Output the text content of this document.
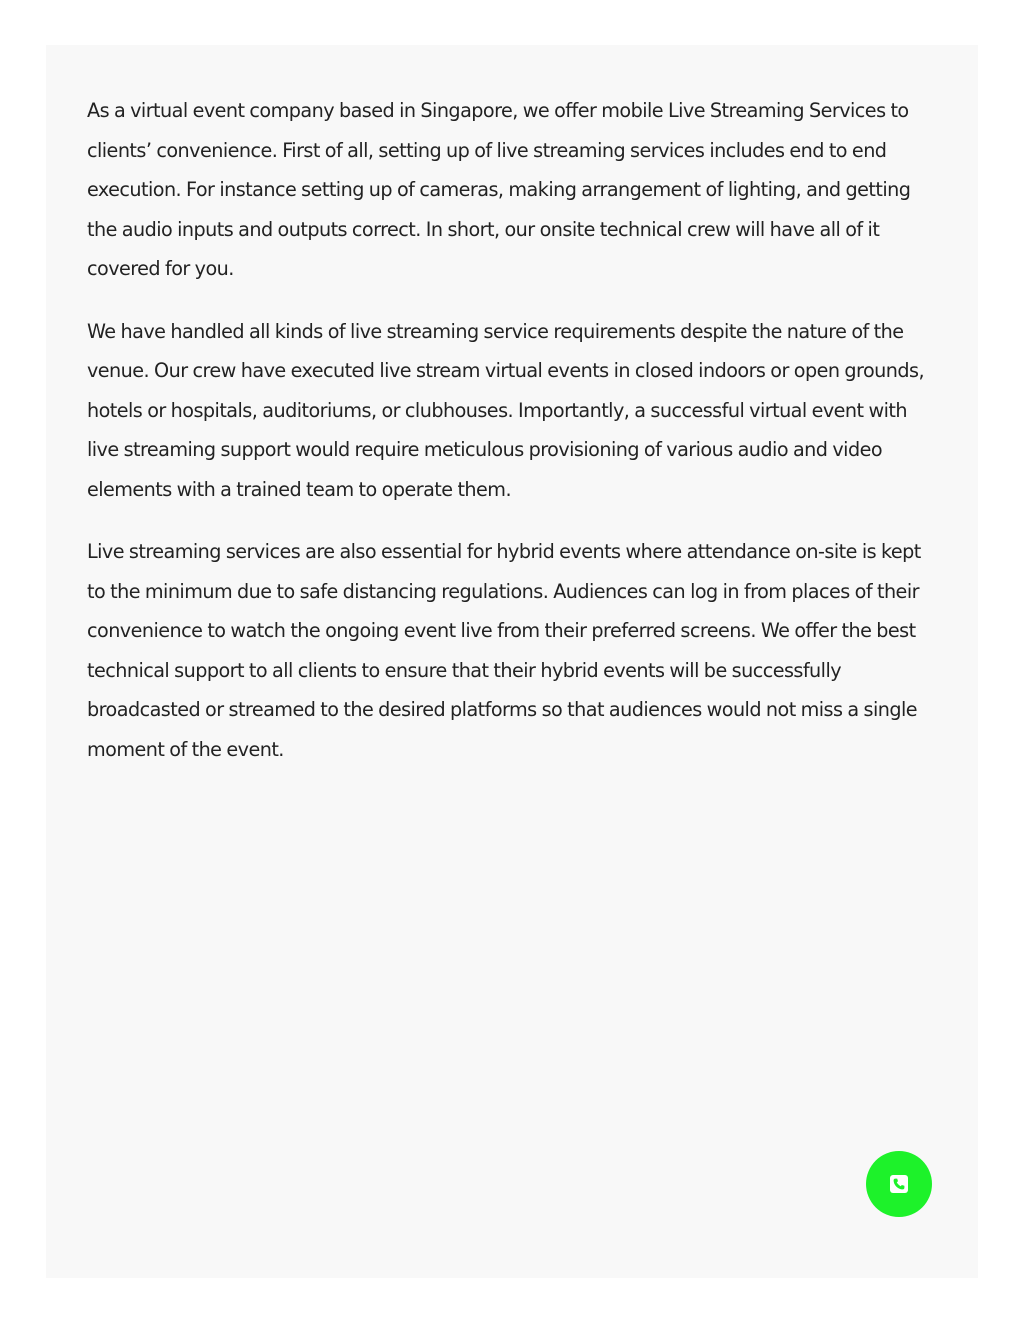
As a virtual event company based in Singapore, we offer mobile Live Streaming Services to clients’ convenience. First of all, setting up of live streaming services includes end to end execution. For instance setting up of cameras, making arrangement of lighting, and getting the audio inputs and outputs correct. In short, our onsite technical crew will have all of it covered for you.

We have handled all kinds of live streaming service requirements despite the nature of the venue. Our crew have executed live stream virtual events in closed indoors or open grounds, hotels or hospitals, auditoriums, or clubhouses. Importantly, a successful virtual event with live streaming support would require meticulous provisioning of various audio and video elements with a trained team to operate them.

Live streaming services are also essential for hybrid events where attendance on-site is kept to the minimum due to safe distancing regulations. Audiences can log in from places of their convenience to watch the ongoing event live from their preferred screens. We offer the best technical support to all clients to ensure that their hybrid events will be successfully broadcasted or streamed to the desired platforms so that audiences would not miss a single moment of the event.
